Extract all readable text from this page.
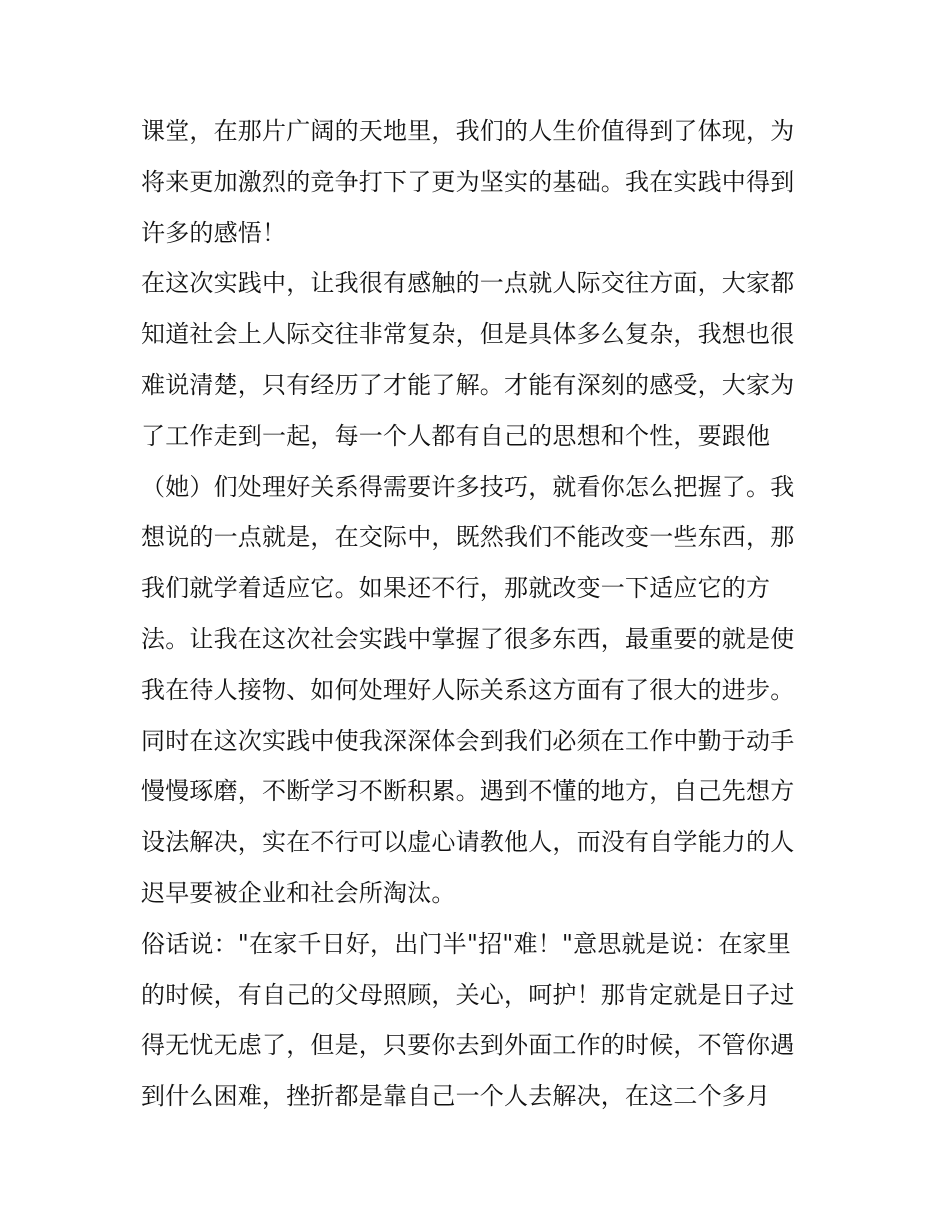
课堂，在那片广阔的天地里，我们的人生价值得到了体现，为
将来更加激烈的竞争打下了更为坚实的基础。我在实践中得到
许多的感悟！
在这次实践中，让我很有感触的一点就人际交往方面，大家都
知道社会上人际交往非常复杂，但是具体多么复杂，我想也很
难说清楚，只有经历了才能了解。才能有深刻的感受，大家为
了工作走到一起，每一个人都有自己的思想和个性，要跟他
（她）们处理好关系得需要许多技巧，就看你怎么把握了。我
想说的一点就是，在交际中，既然我们不能改变一些东西，那
我们就学着适应它。如果还不行，那就改变一下适应它的方
法。让我在这次社会实践中掌握了很多东西，最重要的就是使
我在待人接物、如何处理好人际关系这方面有了很大的进步。
同时在这次实践中使我深深体会到我们必须在工作中勤于动手
慢慢琢磨，不断学习不断积累。遇到不懂的地方，自己先想方
设法解决，实在不行可以虚心请教他人，而没有自学能力的人
迟早要被企业和社会所淘汰。
俗话说："在家千日好，出门半"招"难！"意思就是说：在家里
的时候，有自己的父母照顾，关心，呵护！那肯定就是日子过
得无忧无虑了，但是，只要你去到外面工作的时候，不管你遇
到什么困难，挫折都是靠自己一个人去解决，在这二个多月
